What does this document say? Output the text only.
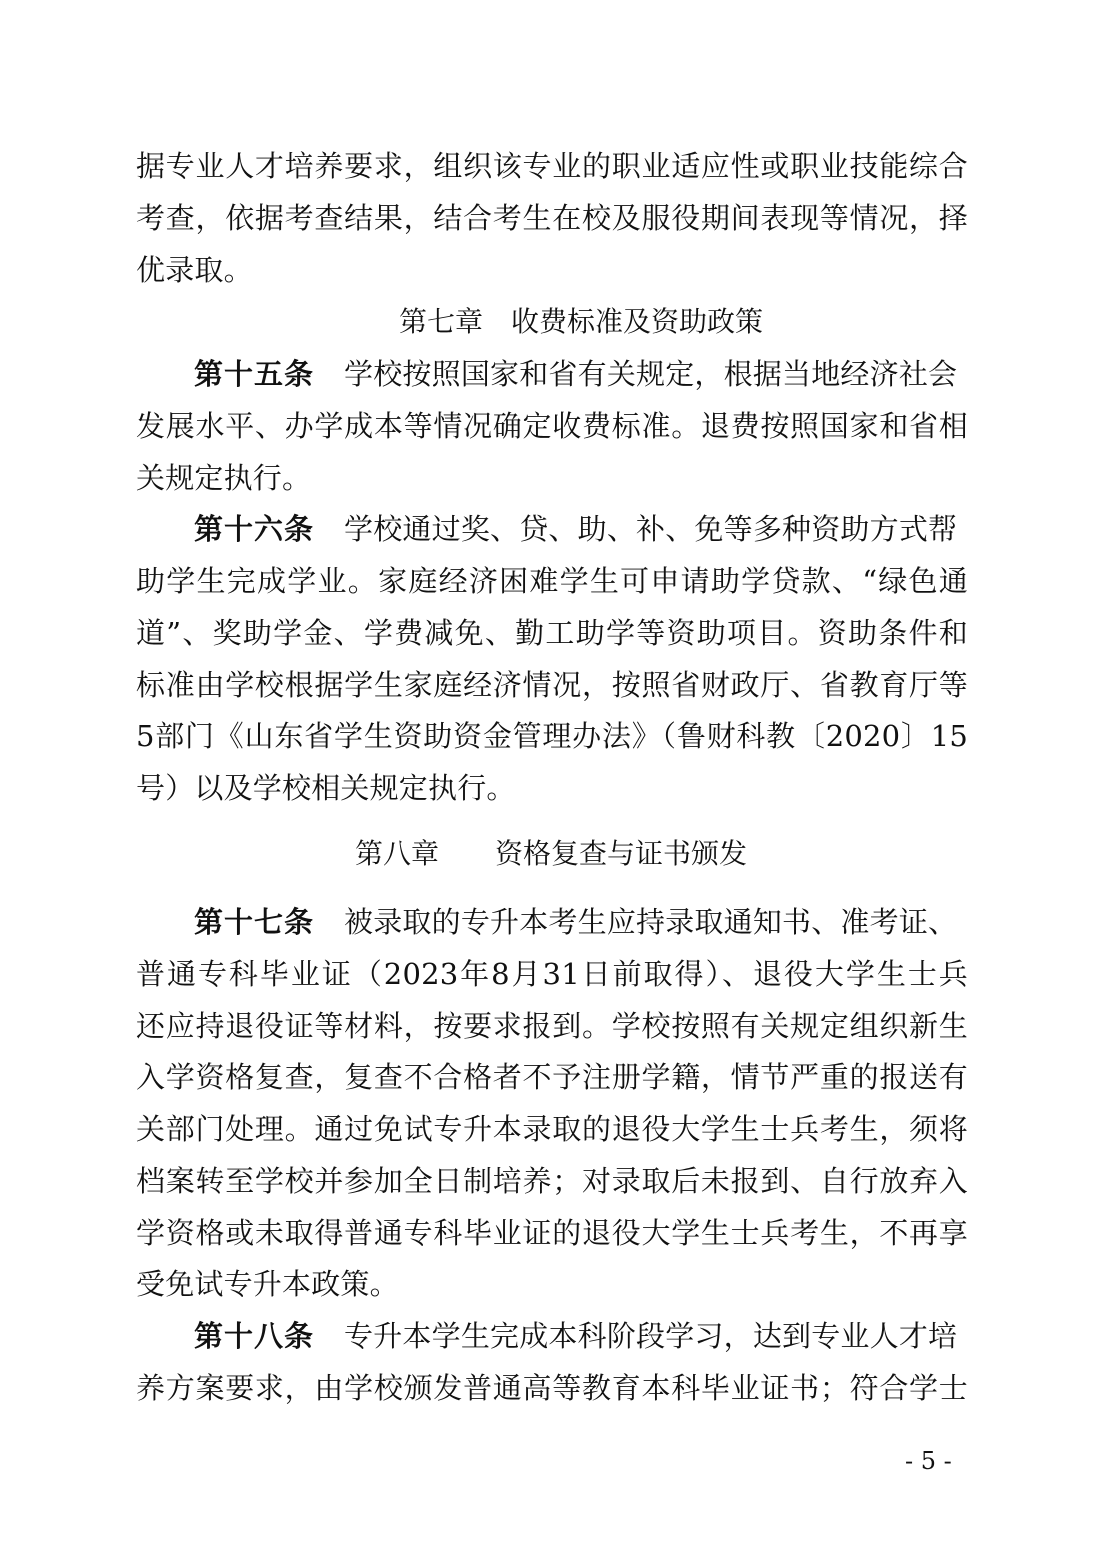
据专业人才培养要求，组织该专业的职业适应性或职业技能综合
考查，依据考查结果，结合考生在校及服役期间表现等情况，择
优录取。
第七章　收费标准及资助政策
第十五条 学校按照国家和省有关规定，根据当地经济社会
发展水平、办学成本等情况确定收费标准。退费按照国家和省相
关规定执行。
第十六条 学校通过奖、贷、助、补、免等多种资助方式帮
助学生完成学业。家庭经济困难学生可申请助学贷款、“绿色通
道”、奖助学金、学费减免、勤工助学等资助项目。资助条件和
标准由学校根据学生家庭经济情况，按照省财政厅、省教育厅等
5部门《山东省学生资助资金管理办法》（鲁财科教〔2020〕15
号）以及学校相关规定执行。
第八章　　资格复查与证书颁发
第十七条 被录取的专升本考生应持录取通知书、准考证、
普通专科毕业证（2023年8月31日前取得）、退役大学生士兵
还应持退役证等材料，按要求报到。学校按照有关规定组织新生
入学资格复查，复查不合格者不予注册学籍，情节严重的报送有
关部门处理。通过免试专升本录取的退役大学生士兵考生，须将
档案转至学校并参加全日制培养；对录取后未报到、自行放弃入
学资格或未取得普通专科毕业证的退役大学生士兵考生，不再享
受免试专升本政策。
第十八条 专升本学生完成本科阶段学习，达到专业人才培
养方案要求，由学校颁发普通高等教育本科毕业证书；符合学士
- 5 -
